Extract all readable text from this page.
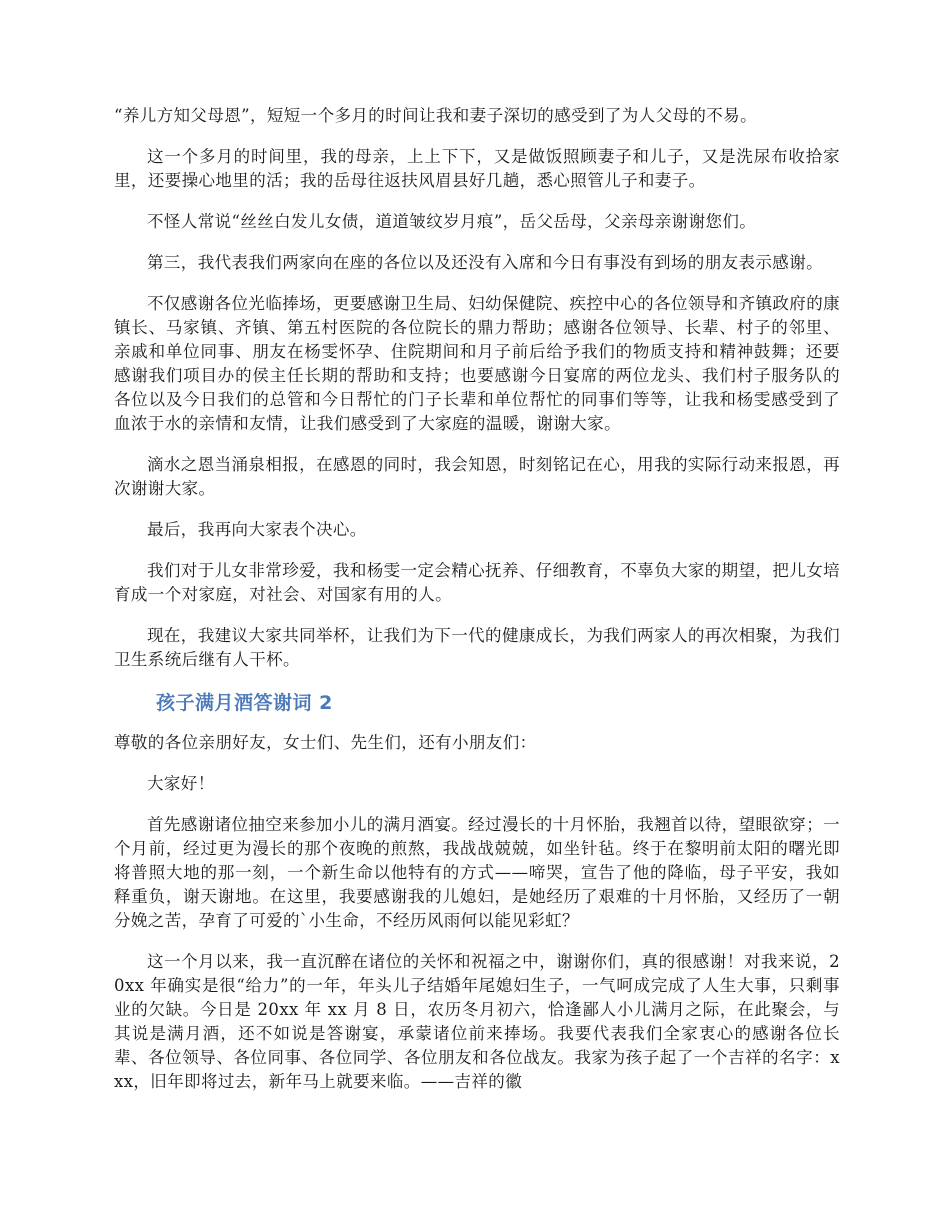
“养儿方知父母恩”，短短一个多月的时间让我和妻子深切的感受到了为人父母的不易。

这一个多月的时间里，我的母亲，上上下下，又是做饭照顾妻子和儿子，又是洗尿布收拾家里，还要操心地里的活；我的岳母往返扶风眉县好几趟，悉心照管儿子和妻子。

不怪人常说“丝丝白发儿女债，道道皱纹岁月痕”，岳父岳母，父亲母亲谢谢您们。

第三，我代表我们两家向在座的各位以及还没有入席和今日有事没有到场的朋友表示感谢。

不仅感谢各位光临捧场，更要感谢卫生局、妇幼保健院、疾控中心的各位领导和齐镇政府的康镇长、马家镇、齐镇、第五村医院的各位院长的鼎力帮助；感谢各位领导、长辈、村子的邻里、亲戚和单位同事、朋友在杨雯怀孕、住院期间和月子前后给予我们的物质支持和精神鼓舞；还要感谢我们项目办的侯主任长期的帮助和支持；也要感谢今日宴席的两位龙头、我们村子服务队的各位以及今日我们的总管和今日帮忙的门子长辈和单位帮忙的同事们等等，让我和杨雯感受到了血浓于水的亲情和友情，让我们感受到了大家庭的温暖，谢谢大家。

滴水之恩当涌泉相报，在感恩的同时，我会知恩，时刻铭记在心，用我的实际行动来报恩，再次谢谢大家。

最后，我再向大家表个决心。

我们对于儿女非常珍爱，我和杨雯一定会精心抚养、仔细教育，不辜负大家的期望，把儿女培育成一个对家庭，对社会、对国家有用的人。

现在，我建议大家共同举杯，让我们为下一代的健康成长，为我们两家人的再次相聚，为我们卫生系统后继有人干杯。

孩子满月酒答谢词 2

尊敬的各位亲朋好友，女士们、先生们，还有小朋友们：

大家好！

首先感谢诸位抽空来参加小儿的满月酒宴。经过漫长的十月怀胎，我翘首以待，望眼欲穿；一个月前，经过更为漫长的那个夜晚的煎熬，我战战兢兢，如坐针毡。终于在黎明前太阳的曙光即将普照大地的那一刻，一个新生命以他特有的方式——啼哭，宣告了他的降临，母子平安，我如释重负，谢天谢地。在这里，我要感谢我的儿媳妇，是她经历了艰难的十月怀胎，又经历了一朝分娩之苦，孕育了可爱的`小生命，不经历风雨何以能见彩虹？

这一个月以来，我一直沉醉在诸位的关怀和祝福之中，谢谢你们，真的很感谢！对我来说，20xx 年确实是很“给力”的一年，年头儿子结婚年尾媳妇生子，一气呵成完成了人生大事，只剩事业的欠缺。今日是 20xx 年 xx 月 8 日，农历冬月初六，恰逢鄙人小儿满月之际，在此聚会，与其说是满月酒，还不如说是答谢宴，承蒙诸位前来捧场。我要代表我们全家衷心的感谢各位长辈、各位领导、各位同事、各位同学、各位朋友和各位战友。我家为孩子起了一个吉祥的名字：xxx，旧年即将过去，新年马上就要来临。——吉祥的徽
